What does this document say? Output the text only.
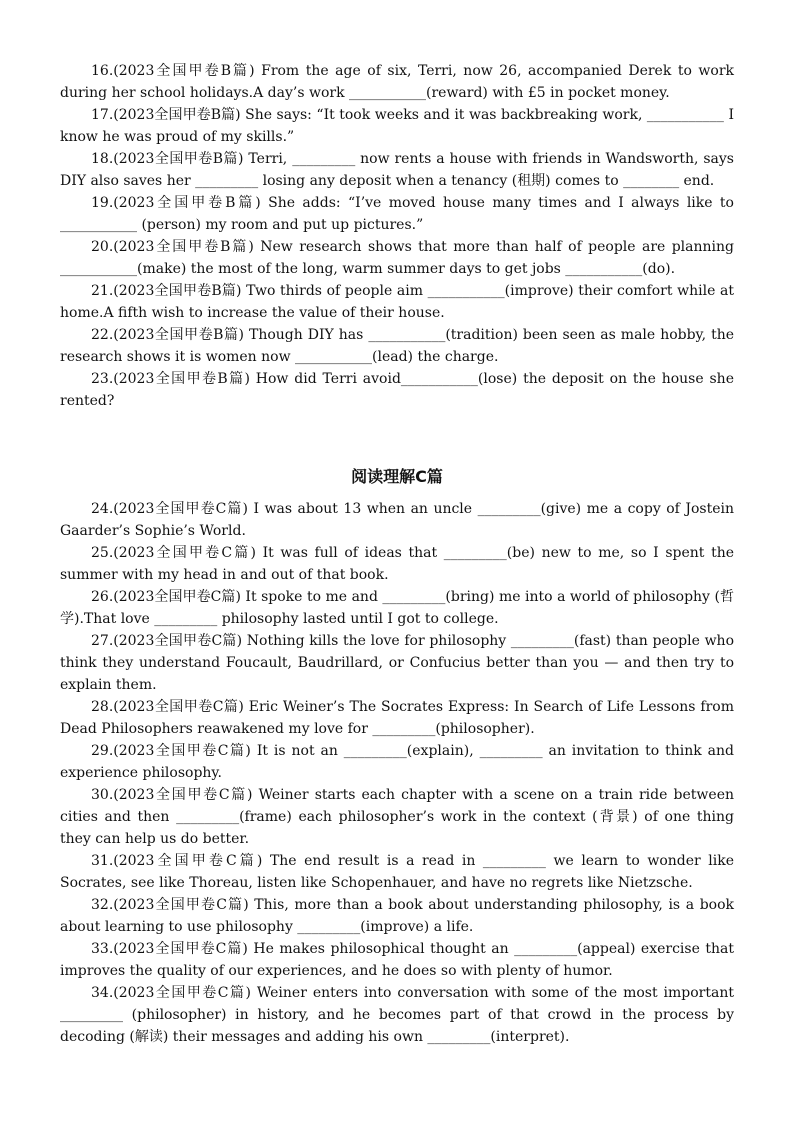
16.(2023全国甲卷B篇) From the age of six, Terri, now 26, accompanied Derek to work during her school holidays.A day’s work ___________(reward) with £5 in pocket money.

17.(2023全国甲卷B篇) She says: “It took weeks and it was backbreaking work, ___________ I know he was proud of my skills.”

18.(2023全国甲卷B篇) Terri, _________ now rents a house with friends in Wandsworth, says DIY also saves her _________ losing any deposit when a tenancy (租期) comes to ________ end.

19.(2023全国甲卷B篇) She adds: “I’ve moved house many times and I always like to ___________ (person) my room and put up pictures.”

20.(2023全国甲卷B篇) New research shows that more than half of people are planning ___________(make) the most of the long, warm summer days to get jobs ___________(do).

21.(2023全国甲卷B篇) Two thirds of people aim ___________(improve) their comfort while at home.A fifth wish to increase the value of their house.

22.(2023全国甲卷B篇) Though DIY has ___________(tradition) been seen as male hobby, the research shows it is women now ___________(lead) the charge.

23.(2023全国甲卷B篇) How did Terri avoid___________(lose) the deposit on the house she rented?

阅读理解C篇

24.(2023全国甲卷C篇) I was about 13 when an uncle _________(give) me a copy of Jostein Gaarder’s Sophie’s World.

25.(2023全国甲卷C篇) It was full of ideas that _________(be) new to me, so I spent the summer with my head in and out of that book.

26.(2023全国甲卷C篇) It spoke to me and _________(bring) me into a world of philosophy (哲学).That love _________ philosophy lasted until I got to college.

27.(2023全国甲卷C篇) Nothing kills the love for philosophy _________(fast) than people who think they understand Foucault, Baudrillard, or Confucius better than you — and then try to explain them.

28.(2023全国甲卷C篇) Eric Weiner’s The Socrates Express: In Search of Life Lessons from Dead Philosophers reawakened my love for _________(philosopher).

29.(2023全国甲卷C篇) It is not an _________(explain), _________ an invitation to think and experience philosophy.

30.(2023全国甲卷C篇) Weiner starts each chapter with a scene on a train ride between cities and then _________(frame) each philosopher’s work in the context (背景) of one thing they can help us do better.

31.(2023全国甲卷C篇) The end result is a read in _________ we learn to wonder like Socrates, see like Thoreau, listen like Schopenhauer, and have no regrets like Nietzsche.

32.(2023全国甲卷C篇) This, more than a book about understanding philosophy, is a book about learning to use philosophy _________(improve) a life.

33.(2023全国甲卷C篇) He makes philosophical thought an _________(appeal) exercise that improves the quality of our experiences, and he does so with plenty of humor.

34.(2023全国甲卷C篇) Weiner enters into conversation with some of the most important _________ (philosopher) in history, and he becomes part of that crowd in the process by decoding (解读) their messages and adding his own _________(interpret).
